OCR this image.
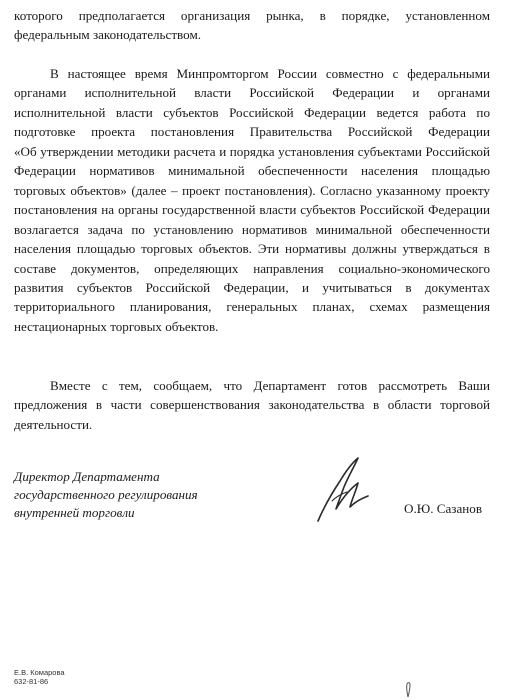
которого предполагается организация рынка, в порядке, установленном
федеральным законодательством.
В настоящее время Минпромторгом России совместно с федеральными
органами исполнительной власти Российской Федерации и органами
исполнительной власти субъектов Российской Федерации ведется работа по
подготовке проекта постановления Правительства Российской Федерации
«Об утверждении методики расчета и порядка установления субъектами Российской
Федерации нормативов минимальной обеспеченности населения площадью
торговых объектов» (далее – проект постановления). Согласно указанному проекту
постановления на органы государственной власти субъектов Российской Федерации
возлагается задача по установлению нормативов минимальной обеспеченности
населения площадью торговых объектов. Эти нормативы должны утверждаться в
составе документов, определяющих направления социально-экономического
развития субъектов Российской Федерации, и учитываться в документах
территориального планирования, генеральных планах, схемах размещения
нестационарных торговых объектов.
Вместе с тем, сообщаем, что Департамент готов рассмотреть Ваши
предложения в части совершенствования законодательства в области торговой
деятельности.
Директор Департамента
государственного регулирования
внутренней торговли	О.Ю. Сазанов
Е.В. Комарова
632-81-86
